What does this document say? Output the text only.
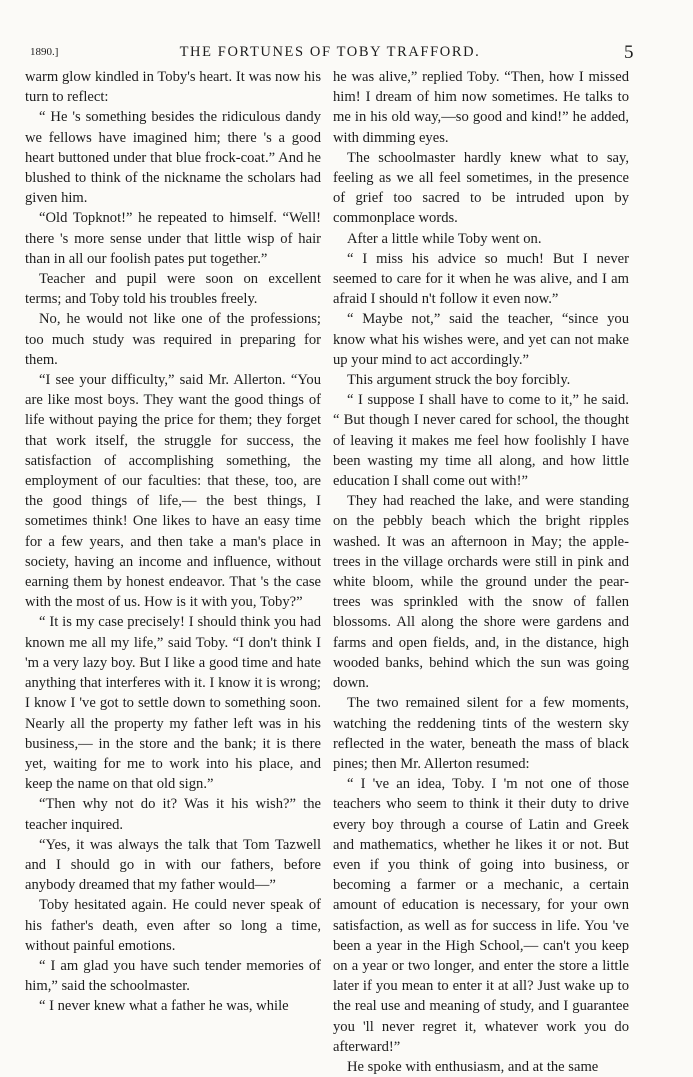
1890.]	THE FORTUNES OF TOBY TRAFFORD.	5

warm glow kindled in Toby's heart. It was now his turn to reflect:

“ He 's something besides the ridiculous dandy we fellows have imagined him; there 's a good heart buttoned under that blue frock-coat.” And he blushed to think of the nickname the scholars had given him.

“Old Topknot!” he repeated to himself. “Well! there 's more sense under that little wisp of hair than in all our foolish pates put together.”

Teacher and pupil were soon on excellent terms; and Toby told his troubles freely.

No, he would not like one of the professions; too much study was required in preparing for them.

“I see your difficulty,” said Mr. Allerton. “You are like most boys. They want the good things of life without paying the price for them; they forget that work itself, the struggle for success, the satisfaction of accomplishing something, the employment of our faculties: that these, too, are the good things of life,— the best things, I sometimes think! One likes to have an easy time for a few years, and then take a man's place in society, having an income and influence, without earning them by honest endeavor. That 's the case with the most of us. How is it with you, Toby?”

“ It is my case precisely! I should think you had known me all my life,” said Toby. “I don't think I 'm a very lazy boy. But I like a good time and hate anything that interferes with it. I know it is wrong; I know I 've got to settle down to something soon. Nearly all the property my father left was in his business,— in the store and the bank; it is there yet, waiting for me to work into his place, and keep the name on that old sign.”

“Then why not do it? Was it his wish?” the teacher inquired.

“Yes, it was always the talk that Tom Tazwell and I should go in with our fathers, before anybody dreamed that my father would—”

Toby hesitated again. He could never speak of his father's death, even after so long a time, without painful emotions.

“ I am glad you have such tender memories of him,” said the schoolmaster.

“ I never knew what a father he was, while

he was alive,” replied Toby. “Then, how I missed him! I dream of him now sometimes. He talks to me in his old way,—so good and kind!” he added, with dimming eyes.

The schoolmaster hardly knew what to say, feeling as we all feel sometimes, in the presence of grief too sacred to be intruded upon by commonplace words.

After a little while Toby went on.

“ I miss his advice so much! But I never seemed to care for it when he was alive, and I am afraid I should n't follow it even now.”

“ Maybe not,” said the teacher, “since you know what his wishes were, and yet can not make up your mind to act accordingly.”

This argument struck the boy forcibly.

“ I suppose I shall have to come to it,” he said. “ But though I never cared for school, the thought of leaving it makes me feel how foolishly I have been wasting my time all along, and how little education I shall come out with!”

They had reached the lake, and were standing on the pebbly beach which the bright ripples washed. It was an afternoon in May; the apple-trees in the village orchards were still in pink and white bloom, while the ground under the pear-trees was sprinkled with the snow of fallen blossoms. All along the shore were gardens and farms and open fields, and, in the distance, high wooded banks, behind which the sun was going down.

The two remained silent for a few moments, watching the reddening tints of the western sky reflected in the water, beneath the mass of black pines; then Mr. Allerton resumed:

“ I 've an idea, Toby. I 'm not one of those teachers who seem to think it their duty to drive every boy through a course of Latin and Greek and mathematics, whether he likes it or not. But even if you think of going into business, or becoming a farmer or a mechanic, a certain amount of education is necessary, for your own satisfaction, as well as for success in life. You 've been a year in the High School,— can't you keep on a year or two longer, and enter the store a little later if you mean to enter it at all? Just wake up to the real use and meaning of study, and I guarantee you 'll never regret it, whatever work you do afterward!”

He spoke with enthusiasm, and at the same
